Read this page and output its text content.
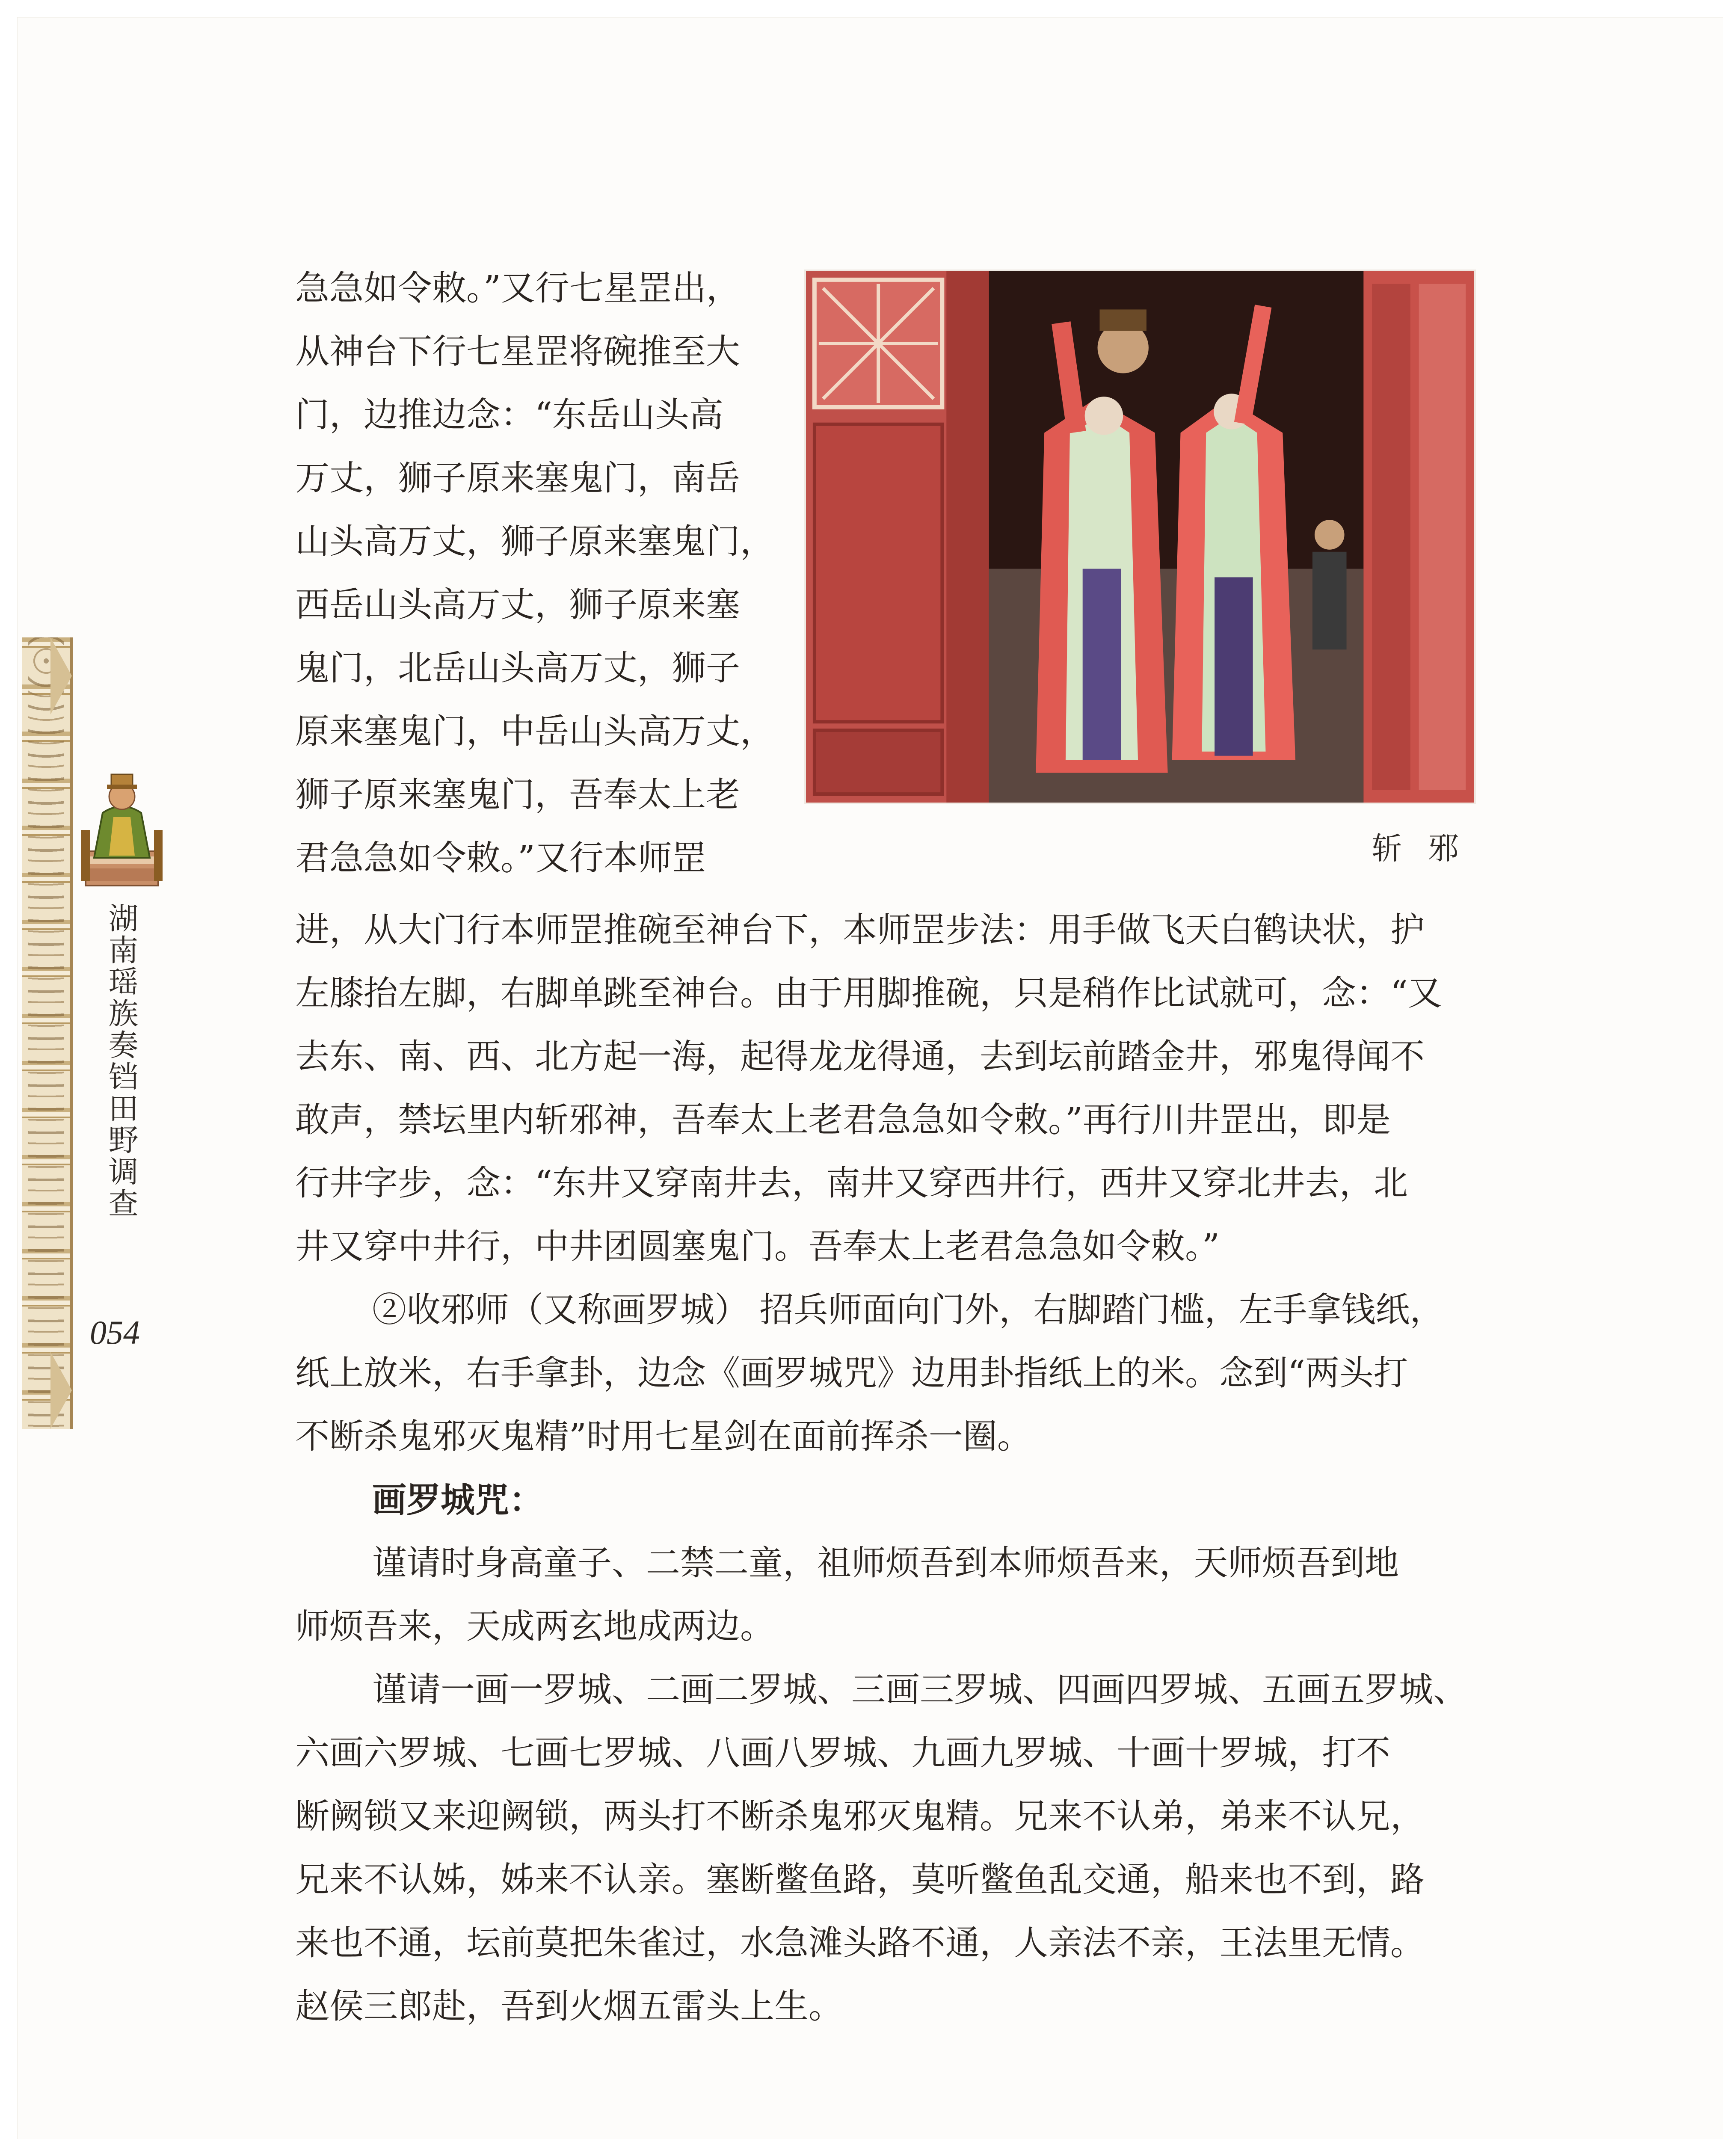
湖南瑶族奏铛田野调查
054
斩邪

急急如令敕。”又行七星罡出，

从神台下行七星罡将碗推至大

门，边推边念：“东岳山头高

万丈，狮子原来塞鬼门，南岳

山头高万丈，狮子原来塞鬼门，

西岳山头高万丈，狮子原来塞

鬼门，北岳山头高万丈，狮子

原来塞鬼门，中岳山头高万丈，

狮子原来塞鬼门，吾奉太上老

君急急如令敕。”又行本师罡

进，从大门行本师罡推碗至神台下，本师罡步法：用手做飞天白鹤诀状，护

左膝抬左脚，右脚单跳至神台。由于用脚推碗，只是稍作比试就可，念：“又

去东、南、西、北方起一海，起得龙龙得通，去到坛前踏金井，邪鬼得闻不

敢声，禁坛里内斩邪神，吾奉太上老君急急如令敕。”再行川井罡出，即是

行井字步，念：“东井又穿南井去，南井又穿西井行，西井又穿北井去，北

井又穿中井行，中井团圆塞鬼门。吾奉太上老君急急如令敕。”

②收邪师（又称画罗城） 招兵师面向门外，右脚踏门槛，左手拿钱纸，

纸上放米，右手拿卦，边念《画罗城咒》边用卦指纸上的米。念到“两头打

不断杀鬼邪灭鬼精”时用七星剑在面前挥杀一圈。

画罗城咒：

谨请时身高童子、二禁二童，祖师烦吾到本师烦吾来，天师烦吾到地

师烦吾来，天成两玄地成两边。

谨请一画一罗城、二画二罗城、三画三罗城、四画四罗城、五画五罗城、

六画六罗城、七画七罗城、八画八罗城、九画九罗城、十画十罗城，打不

断阙锁又来迎阙锁，两头打不断杀鬼邪灭鬼精。兄来不认弟，弟来不认兄，

兄来不认姊，姊来不认亲。塞断鳖鱼路，莫听鳖鱼乱交通，船来也不到，路

来也不通，坛前莫把朱雀过，水急滩头路不通，人亲法不亲，王法里无情。

赵侯三郎赴，吾到火烟五雷头上生。
